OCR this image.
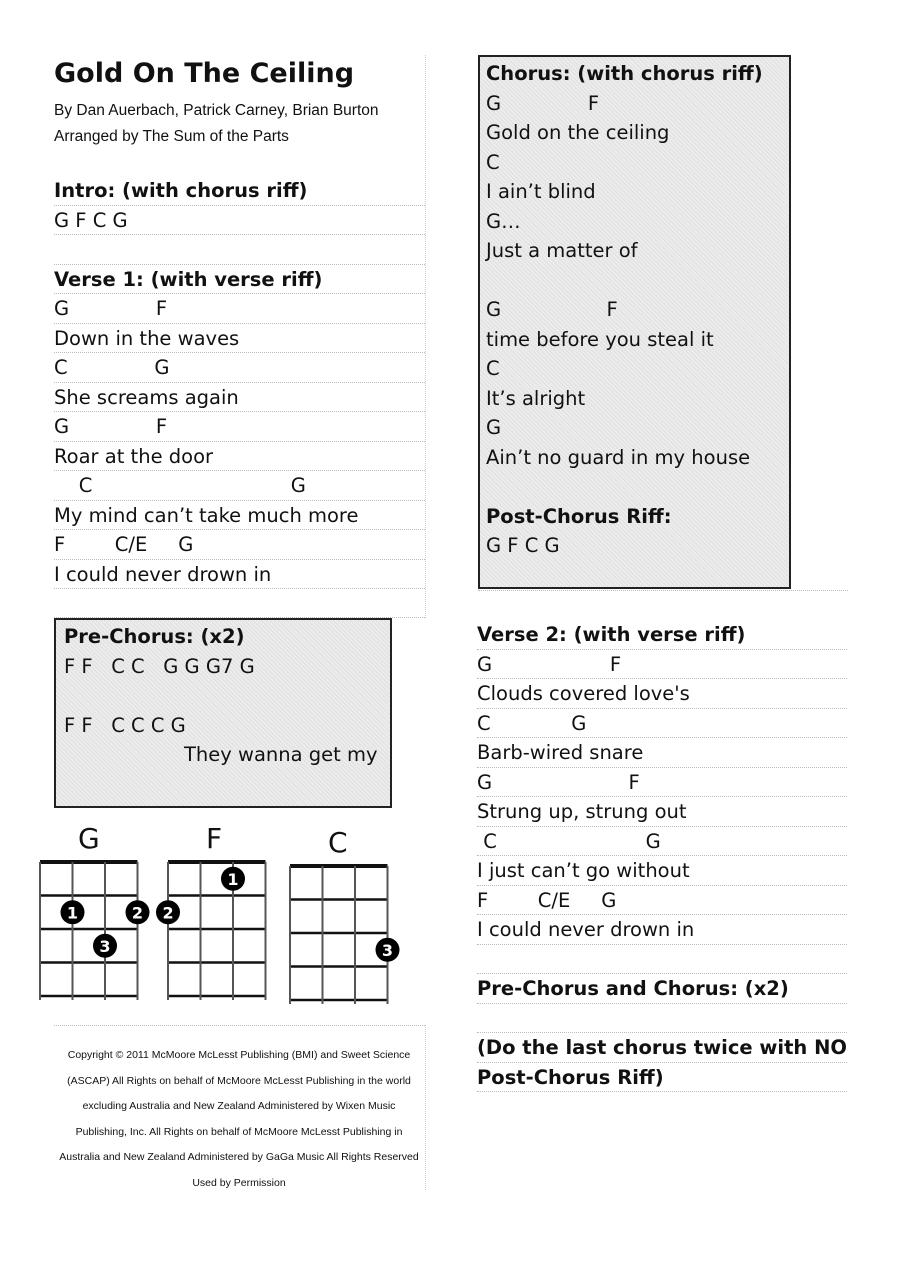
Gold On The Ceiling
By Dan Auerbach, Patrick Carney, Brian Burton
Arranged by The Sum of the Parts
Intro: (with chorus riff)
G F C G
Verse 1: (with verse riff)
G              F
Down in the waves
C              G
She screams again
G              F
Roar at the door
C                                G
My mind can’t take much more
F        C/E     G
I could never drown in
Pre-Chorus: (x2)
F F   C C   G G G7 G
F F   C C C G
They wanna get my
G
1
3
2
F
2
1
C
3
Copyright © 2011 McMoore McLesst Publishing (BMI) and Sweet Science
(ASCAP) All Rights on behalf of McMoore McLesst Publishing in the world
excluding Australia and New Zealand Administered by Wixen Music
Publishing, Inc. All Rights on behalf of McMoore McLesst Publishing in
Australia and New Zealand Administered by GaGa Music All Rights Reserved
Used by Permission
Chorus: (with chorus riff)
G              F
Gold on the ceiling
C
I ain’t blind
G…
Just a matter of
G                 F
time before you steal it
C
It’s alright
G
Ain’t no guard in my house
Post-Chorus Riff:
G F C G
Verse 2: (with verse riff)
G                   F
Clouds covered love's
C             G
Barb-wired snare
G                      F
Strung up, strung out
C                        G
I just can’t go without
F        C/E     G
I could never drown in
Pre-Chorus and Chorus: (x2)
(Do the last chorus twice with NO
Post-Chorus Riff)
